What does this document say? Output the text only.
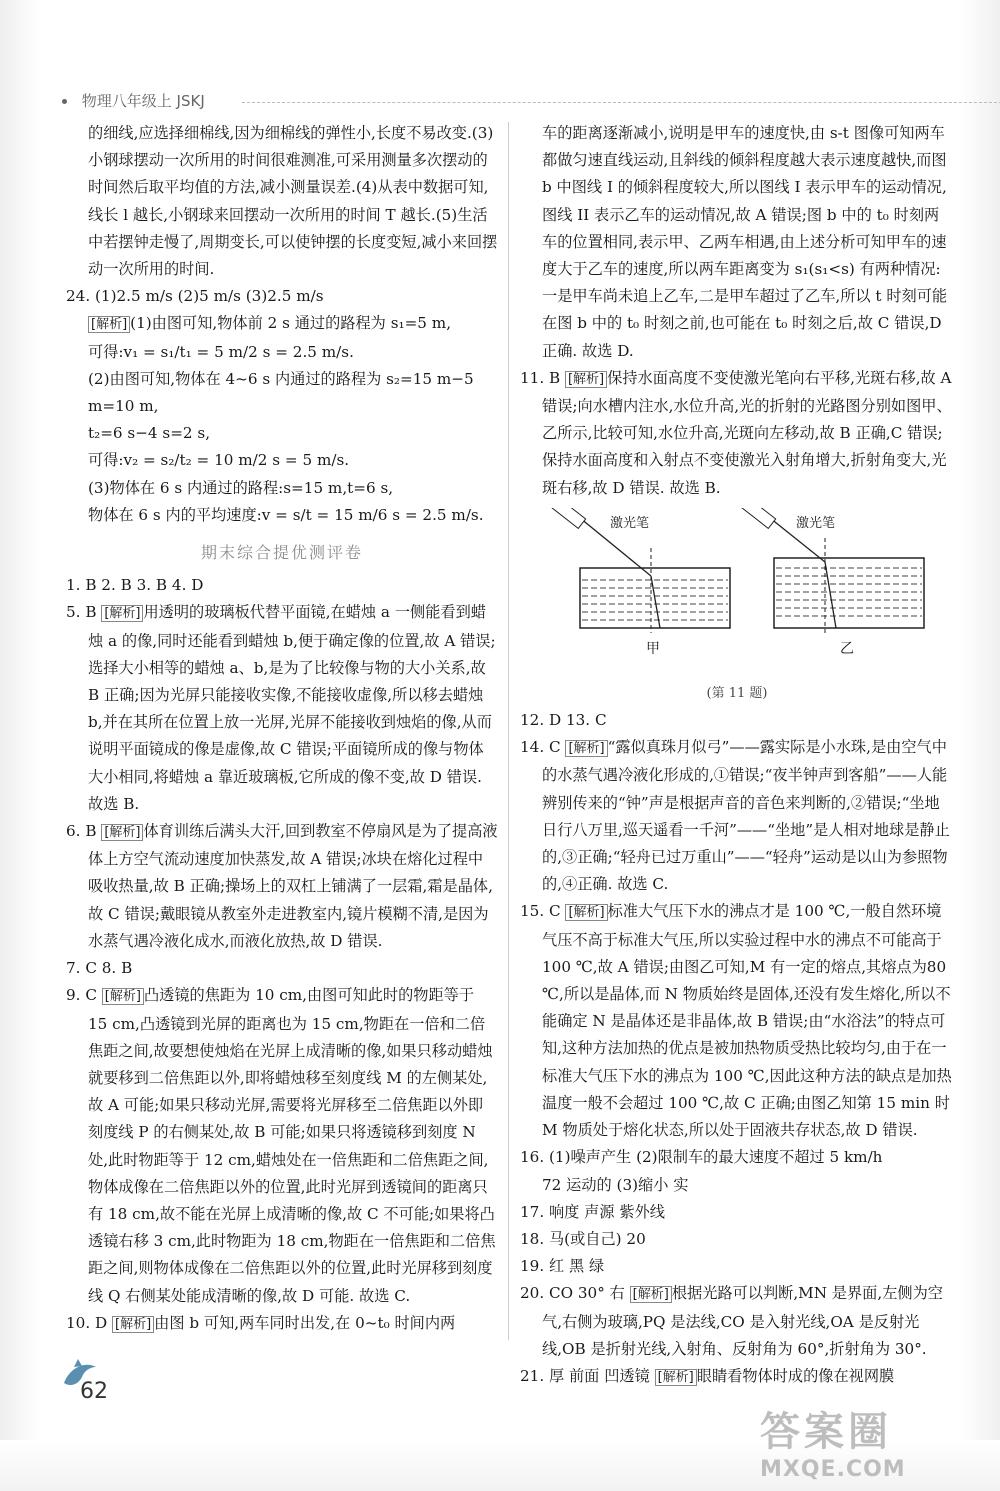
物理八年级上 JSKJ

的细线,应选择细棉线,因为细棉线的弹性小,长度不易改变.(3)小钢球摆动一次所用的时间很难测准,可采用测量多次摆动的时间然后取平均值的方法,减小测量误差.(4)从表中数据可知,线长 l 越长,小钢球来回摆动一次所用的时间 T 越长.(5)生活中若摆钟走慢了,周期变长,可以使钟摆的长度变短,减小来回摆动一次所用的时间.

24. (1)2.5 m/s (2)5 m/s (3)2.5 m/s

[解析] (1)由图可知,物体前 2 s 通过的路程为 s₁=5 m,

可得:v₁ = s₁/t₁ = 5 m/2 s = 2.5 m/s.

(2)由图可知,物体在 4~6 s 内通过的路程为 s₂=15 m−5 m=10 m,

t₂=6 s−4 s=2 s,

可得:v₂ = s₂/t₂ = 10 m/2 s = 5 m/s.

(3)物体在 6 s 内通过的路程:s=15 m,t=6 s,

物体在 6 s 内的平均速度:v = s/t = 15 m/6 s = 2.5 m/s.

期末综合提优测评卷

1. B 2. B 3. B 4. D

5. B [解析] 用透明的玻璃板代替平面镜,在蜡烛 a 一侧能看到蜡烛 a 的像,同时还能看到蜡烛 b,便于确定像的位置,故 A 错误;选择大小相等的蜡烛 a、b,是为了比较像与物的大小关系,故 B 正确;因为光屏只能接收实像,不能接收虚像,所以移去蜡烛 b,并在其所在位置上放一光屏,光屏不能接收到烛焰的像,从而说明平面镜成的像是虚像,故 C 错误;平面镜所成的像与物体大小相同,将蜡烛 a 靠近玻璃板,它所成的像不变,故 D 错误. 故选 B.

6. B [解析] 体育训练后满头大汗,回到教室不停扇风是为了提高液体上方空气流动速度加快蒸发,故 A 错误;冰块在熔化过程中吸收热量,故 B 正确;操场上的双杠上铺满了一层霜,霜是晶体,故 C 错误;戴眼镜从教室外走进教室内,镜片模糊不清,是因为水蒸气遇冷液化成水,而液化放热,故 D 错误.

7. C 8. B

9. C [解析] 凸透镜的焦距为 10 cm,由图可知此时的物距等于 15 cm,凸透镜到光屏的距离也为 15 cm,物距在一倍和二倍焦距之间,故要想使烛焰在光屏上成清晰的像,如果只移动蜡烛就要移到二倍焦距以外,即将蜡烛移至刻度线 M 的左侧某处,故 A 可能;如果只移动光屏,需要将光屏移至二倍焦距以外即刻度线 P 的右侧某处,故 B 可能;如果只将透镜移到刻度 N 处,此时物距等于 12 cm,蜡烛处在一倍焦距和二倍焦距之间,物体成像在二倍焦距以外的位置,此时光屏到透镜间的距离只有 18 cm,故不能在光屏上成清晰的像,故 C 不可能;如果将凸透镜右移 3 cm,此时物距为 18 cm,物距在一倍焦距和二倍焦距之间,则物体成像在二倍焦距以外的位置,此时光屏移到刻度线 Q 右侧某处能成清晰的像,故 D 可能. 故选 C.

10. D [解析] 由图 b 可知,两车同时出发,在 0~t₀ 时间内两

车的距离逐渐减小,说明是甲车的速度快,由 s-t 图像可知两车都做匀速直线运动,且斜线的倾斜程度越大表示速度越快,而图 b 中图线 I 的倾斜程度较大,所以图线 I 表示甲车的运动情况,图线 II 表示乙车的运动情况,故 A 错误;图 b 中的 t₀ 时刻两车的位置相同,表示甲、乙两车相遇,由上述分析可知甲车的速度大于乙车的速度,所以两车距离变为 s₁(s₁<s) 有两种情况:一是甲车尚未追上乙车,二是甲车超过了乙车,所以 t 时刻可能在图 b 中的 t₀ 时刻之前,也可能在 t₀ 时刻之后,故 C 错误,D 正确. 故选 D.

11. B [解析] 保持水面高度不变使激光笔向右平移,光斑右移,故 A 错误;向水槽内注水,水位升高,光的折射的光路图分别如图甲、乙所示,比较可知,水位升高,光斑向左移动,故 B 正确,C 错误;保持水面高度和入射点不变使激光入射角增大,折射角变大,光斑右移,故 D 错误. 故选 B.

激光笔	激光笔
甲	乙
(第 11 题)

12. D 13. C

14. C [解析] “露似真珠月似弓”——露实际是小水珠,是由空气中的水蒸气遇冷液化形成的,①错误;“夜半钟声到客船”——人能辨别传来的“钟”声是根据声音的音色来判断的,②错误;“坐地日行八万里,巡天遥看一千河”——“坐地”是人相对地球是静止的,③正确;“轻舟已过万重山”——“轻舟”运动是以山为参照物的,④正确. 故选 C.

15. C [解析] 标准大气压下水的沸点才是 100 ℃,一般自然环境气压不高于标准大气压,所以实验过程中水的沸点不可能高于100 ℃,故 A 错误;由图乙可知,M 有一定的熔点,其熔点为80 ℃,所以是晶体,而 N 物质始终是固体,还没有发生熔化,所以不能确定 N 是晶体还是非晶体,故 B 错误;由“水浴法”的特点可知,这种方法加热的优点是被加热物质受热比较均匀,由于在一标准大气压下水的沸点为 100 ℃,因此这种方法的缺点是加热温度一般不会超过 100 ℃,故 C 正确;由图乙知第 15 min 时 M 物质处于熔化状态,所以处于固液共存状态,故 D 错误.

16. (1)噪声产生 (2)限制车的最大速度不超过 5 km/h

72 运动的 (3)缩小 实

17. 响度 声源 紫外线

18. 马(或自己) 20

19. 红 黑 绿

20. CO 30° 右 [解析] 根据光路可以判断,MN 是界面,左侧为空气,右侧为玻璃,PQ 是法线,CO 是入射光线,OA 是反射光线,OB 是折射光线,入射角、反射角为 60°,折射角为 30°.

21. 厚 前面 凹透镜 [解析] 眼睛看物体时成的像在视网膜

62
答案圈
MXQE.COM
